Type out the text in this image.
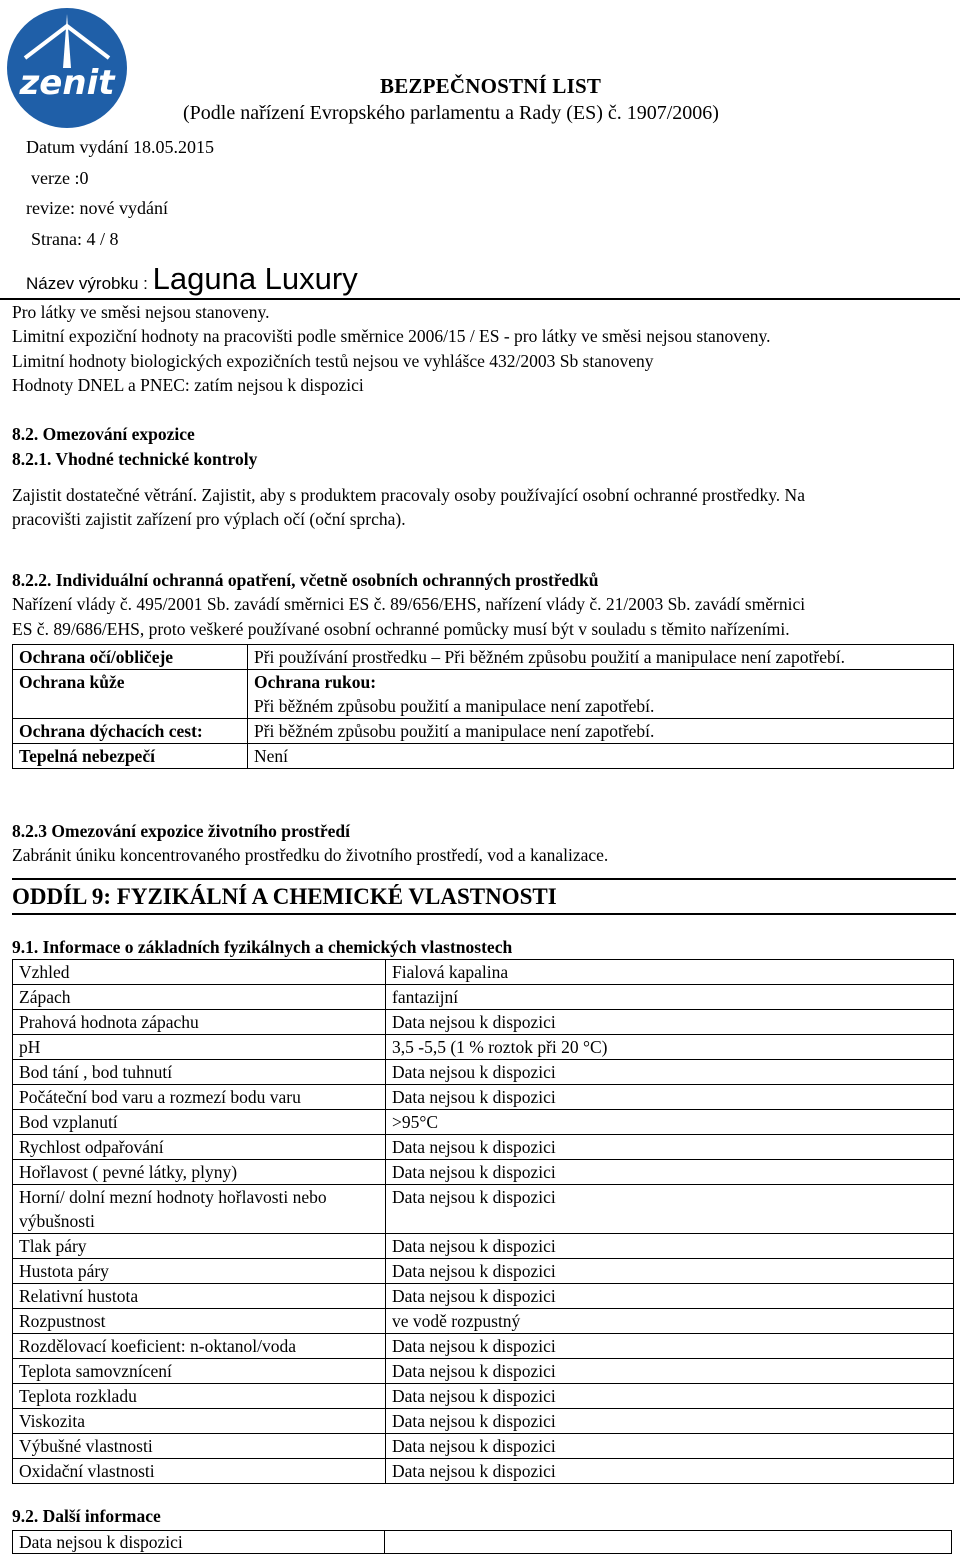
zenit	BEZPEČNOSTNÍ LIST
(Podle nařízení Evropského parlamentu a Rady (ES) č. 1907/2006)
Datum vydání 18.05.2015
verze :0
revize: nové vydání
Strana: 4 / 8
Název výrobku : Laguna Luxury
Pro látky ve směsi nejsou stanoveny.
Limitní expoziční hodnoty na pracovišti podle směrnice 2006/15 / ES - pro látky ve směsi nejsou stanoveny.
Limitní hodnoty biologických expozičních testů nejsou ve vyhlášce 432/2003 Sb stanoveny
Hodnoty DNEL a PNEC: zatím nejsou k dispozici
8.2. Omezování expozice
8.2.1. Vhodné technické kontroly
Zajistit dostatečné větrání. Zajistit, aby s produktem pracovaly osoby používající osobní ochranné prostředky. Na
pracovišti zajistit zařízení pro výplach očí (oční sprcha).
8.2.2. Individuální ochranná opatření, včetně osobních ochranných prostředků
Nařízení vlády č. 495/2001 Sb. zavádí směrnici ES č. 89/656/EHS, nařízení vlády č. 21/2003 Sb. zavádí směrnici
ES č. 89/686/EHS, proto veškeré používané osobní ochranné pomůcky musí být v souladu s těmito nařízeními.
Ochrana očí/obličeje	Při používání prostředku – Při běžném způsobu použití a manipulace není zapotřebí.
Ochrana kůže	Ochrana rukou:
Při běžném způsobu použití a manipulace není zapotřebí.

Ochrana dýchacích cest:	Při běžném způsobu použití a manipulace není zapotřebí.
Tepelná nebezpečí	Není
8.2.3 Omezování expozice životního prostředí
Zabránit úniku koncentrovaného prostředku do životního prostředí, vod a kanalizace.
ODDÍL 9: FYZIKÁLNÍ A CHEMICKÉ VLASTNOSTI
9.1. Informace o základních fyzikálnych a chemických vlastnostech
Vzhled	Fialová kapalina
Zápach	fantazijní
Prahová hodnota zápachu	Data nejsou k dispozici
pH	3,5 -5,5 (1 % roztok při 20 °C)
Bod tání , bod tuhnutí	Data nejsou k dispozici
Počáteční bod varu a rozmezí bodu varu	Data nejsou k dispozici
Bod vzplanutí	>95°C
Rychlost odpařování	Data nejsou k dispozici
Hořlavost ( pevné látky, plyny)	Data nejsou k dispozici
Horní/ dolní mezní hodnoty hořlavosti nebo výbušnosti	Data nejsou k dispozici
Tlak páry	Data nejsou k dispozici
Hustota páry	Data nejsou k dispozici
Relativní hustota	Data nejsou k dispozici
Rozpustnost	ve vodě rozpustný
Rozdělovací koeficient: n-oktanol/voda	Data nejsou k dispozici
Teplota samovznícení	Data nejsou k dispozici
Teplota rozkladu	Data nejsou k dispozici
Viskozita	Data nejsou k dispozici
Výbušné vlastnosti	Data nejsou k dispozici
Oxidační vlastnosti	Data nejsou k dispozici
9.2. Další informace
Data nejsou k dispozici
